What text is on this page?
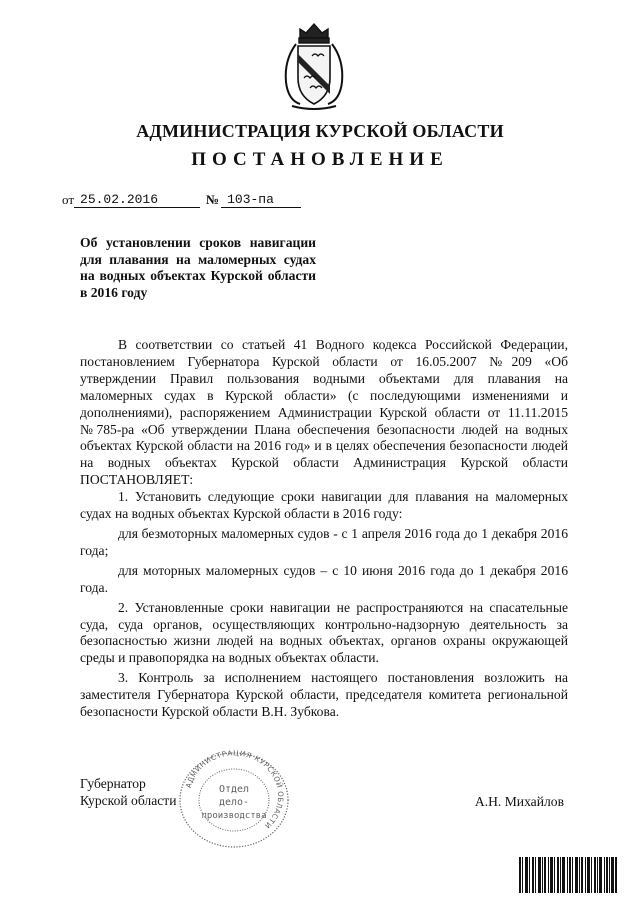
АДМИНИСТРАЦИЯ КУРСКОЙ ОБЛАСТИ
ПОСТАНОВЛЕНИЕ
от 25.02.2016	№ 103-па
Об установлении сроков навигации для плавания на маломерных судах на водных объектах Курской области в 2016 году

В соответствии со статьей 41 Водного кодекса Российской Федерации, постановлением Губернатора Курской области от 16.05.2007 №209 «Об утверждении Правил пользования водными объектами для плавания на маломерных судах в Курской области» (с последующими изменениями и дополнениями), распоряжением Администрации Курской области от 11.11.2015 №785-ра «Об утверждении Плана обеспечения безопасности людей на водных объектах Курской области на 2016 год» и в целях обеспечения безопасности людей на водных объектах Курской области Администрация Курской области ПОСТАНОВЛЯЕТ:

1. Установить следующие сроки навигации для плавания на маломерных судах на водных объектах Курской области в 2016 году:

для безмоторных маломерных судов - с 1 апреля 2016 года до 1 декабря 2016 года;

для моторных маломерных судов – с 10 июня 2016 года до 1 декабря 2016 года.

2. Установленные сроки навигации не распространяются на спасательные суда, суда органов, осуществляющих контрольно-надзорную деятельность за безопасностью жизни людей на водных объектах, органов охраны окружающей среды и правопорядка на водных объектах области.

3. Контроль за исполнением настоящего постановления возложить на заместителя Губернатора Курской области, председателя комитета региональной безопасности Курской области В.Н. Зубкова.

Губернатор
Курской области	А.Н. Михайлов
АДМИНИСТРАЦИЯ КУРСКОЙ ОБЛАСТИ
Отдел
дело-
производства
